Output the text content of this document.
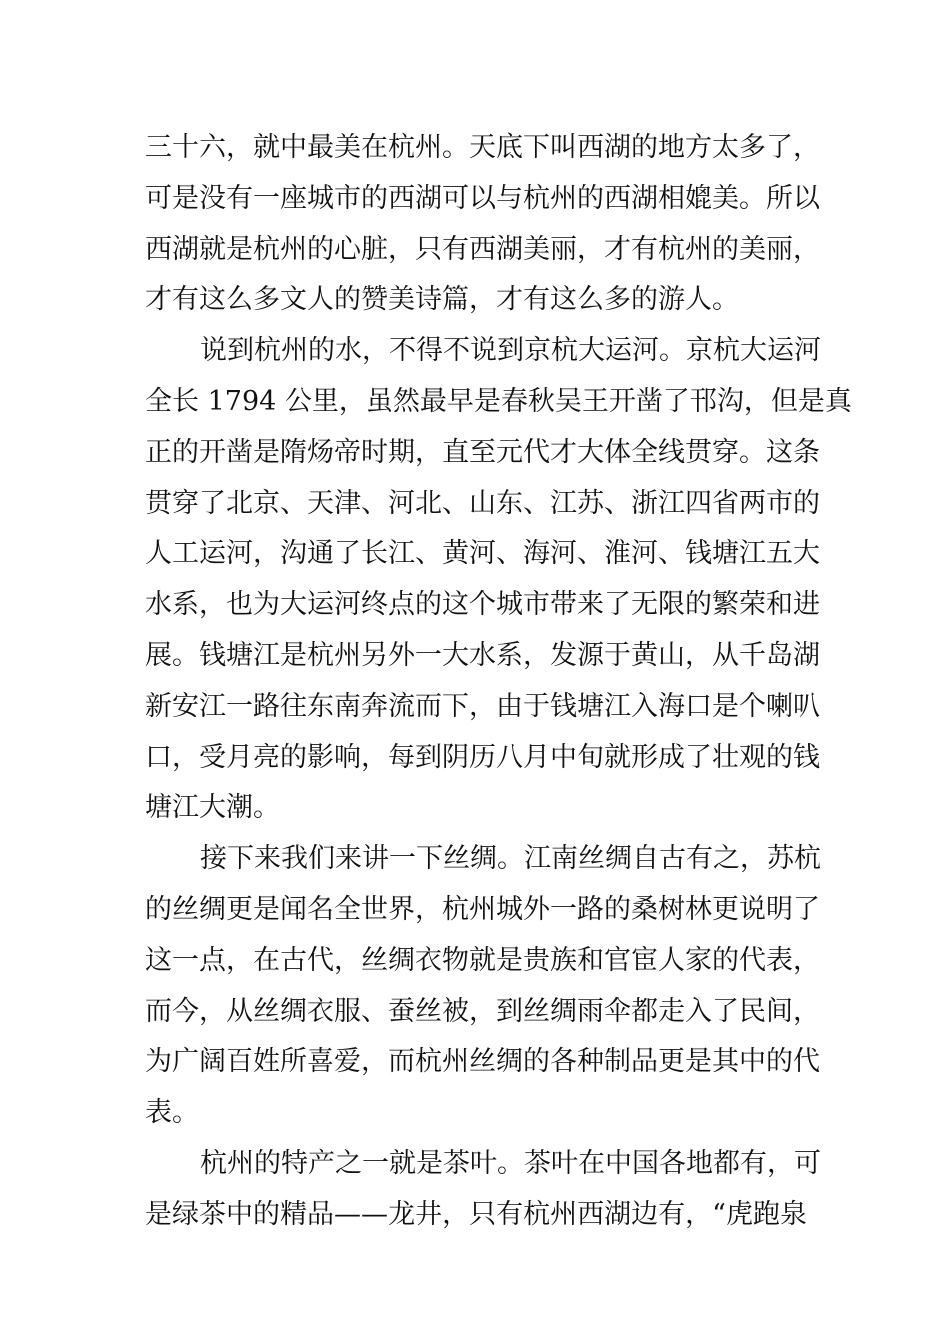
三十六，就中最美在杭州。天底下叫西湖的地方太多了，
可是没有一座城市的西湖可以与杭州的西湖相媲美。所以
西湖就是杭州的心脏，只有西湖美丽，才有杭州的美丽，
才有这么多文人的赞美诗篇，才有这么多的游人。
说到杭州的水，不得不说到京杭大运河。京杭大运河
全长 1794 公里，虽然最早是春秋吴王开凿了邗沟，但是真
正的开凿是隋炀帝时期，直至元代才大体全线贯穿。这条
贯穿了北京、天津、河北、山东、江苏、浙江四省两市的
人工运河，沟通了长江、黄河、海河、淮河、钱塘江五大
水系，也为大运河终点的这个城市带来了无限的繁荣和进
展。钱塘江是杭州另外一大水系，发源于黄山，从千岛湖
新安江一路往东南奔流而下，由于钱塘江入海口是个喇叭
口，受月亮的影响，每到阴历八月中旬就形成了壮观的钱
塘江大潮。
接下来我们来讲一下丝绸。江南丝绸自古有之，苏杭
的丝绸更是闻名全世界，杭州城外一路的桑树林更说明了
这一点，在古代，丝绸衣物就是贵族和官宦人家的代表，
而今，从丝绸衣服、蚕丝被，到丝绸雨伞都走入了民间，
为广阔百姓所喜爱，而杭州丝绸的各种制品更是其中的代
表。
杭州的特产之一就是茶叶。茶叶在中国各地都有，可
是绿茶中的精品——龙井，只有杭州西湖边有，“虎跑泉
